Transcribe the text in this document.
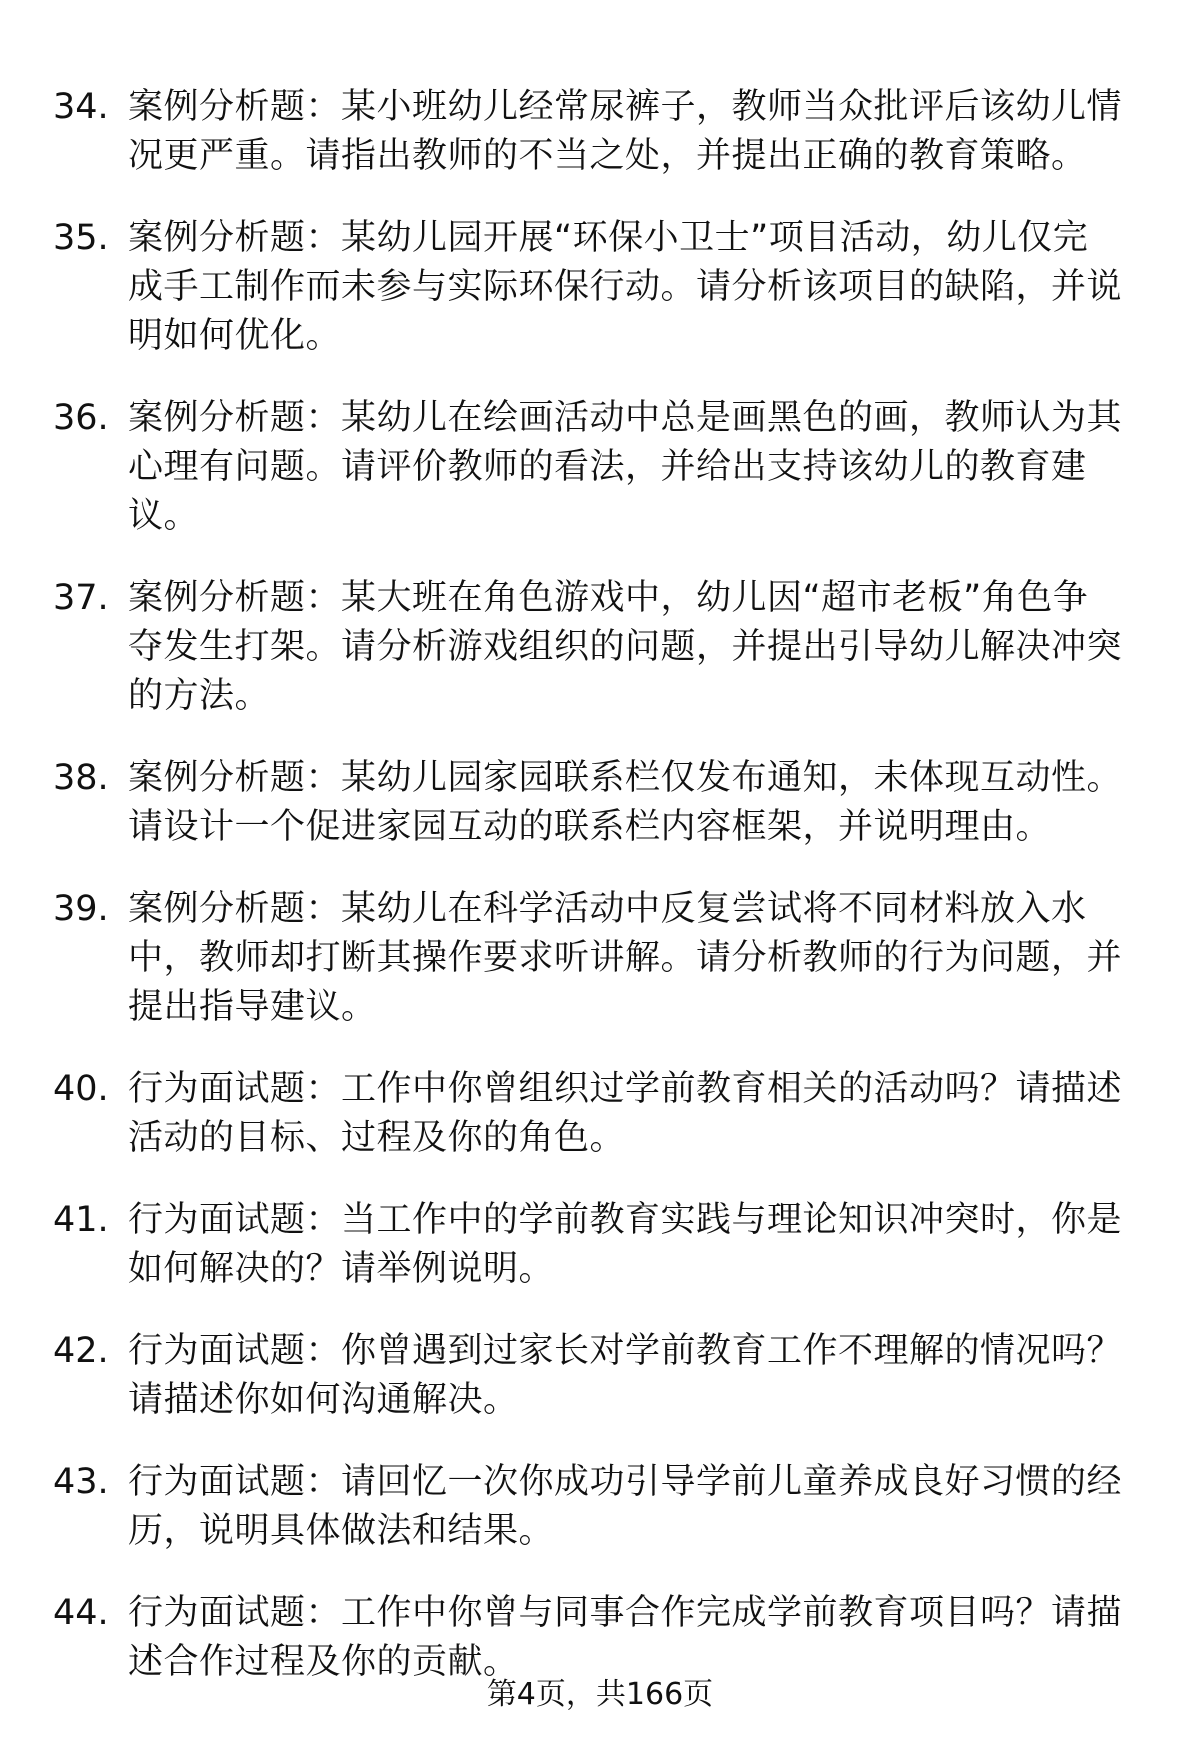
34. 案例分析题：某小班幼儿经常尿裤子，教师当众批评后该幼儿情
况更严重。请指出教师的不当之处，并提出正确的教育策略。
35. 案例分析题：某幼儿园开展“环保小卫士”项目活动，幼儿仅完
成手工制作而未参与实际环保行动。请分析该项目的缺陷，并说
明如何优化。
36. 案例分析题：某幼儿在绘画活动中总是画黑色的画，教师认为其
心理有问题。请评价教师的看法，并给出支持该幼儿的教育建
议。
37. 案例分析题：某大班在角色游戏中，幼儿因“超市老板”角色争
夺发生打架。请分析游戏组织的问题，并提出引导幼儿解决冲突
的方法。
38. 案例分析题：某幼儿园家园联系栏仅发布通知，未体现互动性。
请设计一个促进家园互动的联系栏内容框架，并说明理由。
39. 案例分析题：某幼儿在科学活动中反复尝试将不同材料放入水
中，教师却打断其操作要求听讲解。请分析教师的行为问题，并
提出指导建议。
40. 行为面试题：工作中你曾组织过学前教育相关的活动吗？请描述
活动的目标、过程及你的角色。
41. 行为面试题：当工作中的学前教育实践与理论知识冲突时，你是
如何解决的？请举例说明。
42. 行为面试题：你曾遇到过家长对学前教育工作不理解的情况吗？
请描述你如何沟通解决。
43. 行为面试题：请回忆一次你成功引导学前儿童养成良好习惯的经
历，说明具体做法和结果。
44. 行为面试题：工作中你曾与同事合作完成学前教育项目吗？请描
述合作过程及你的贡献。
第4页，共166页
